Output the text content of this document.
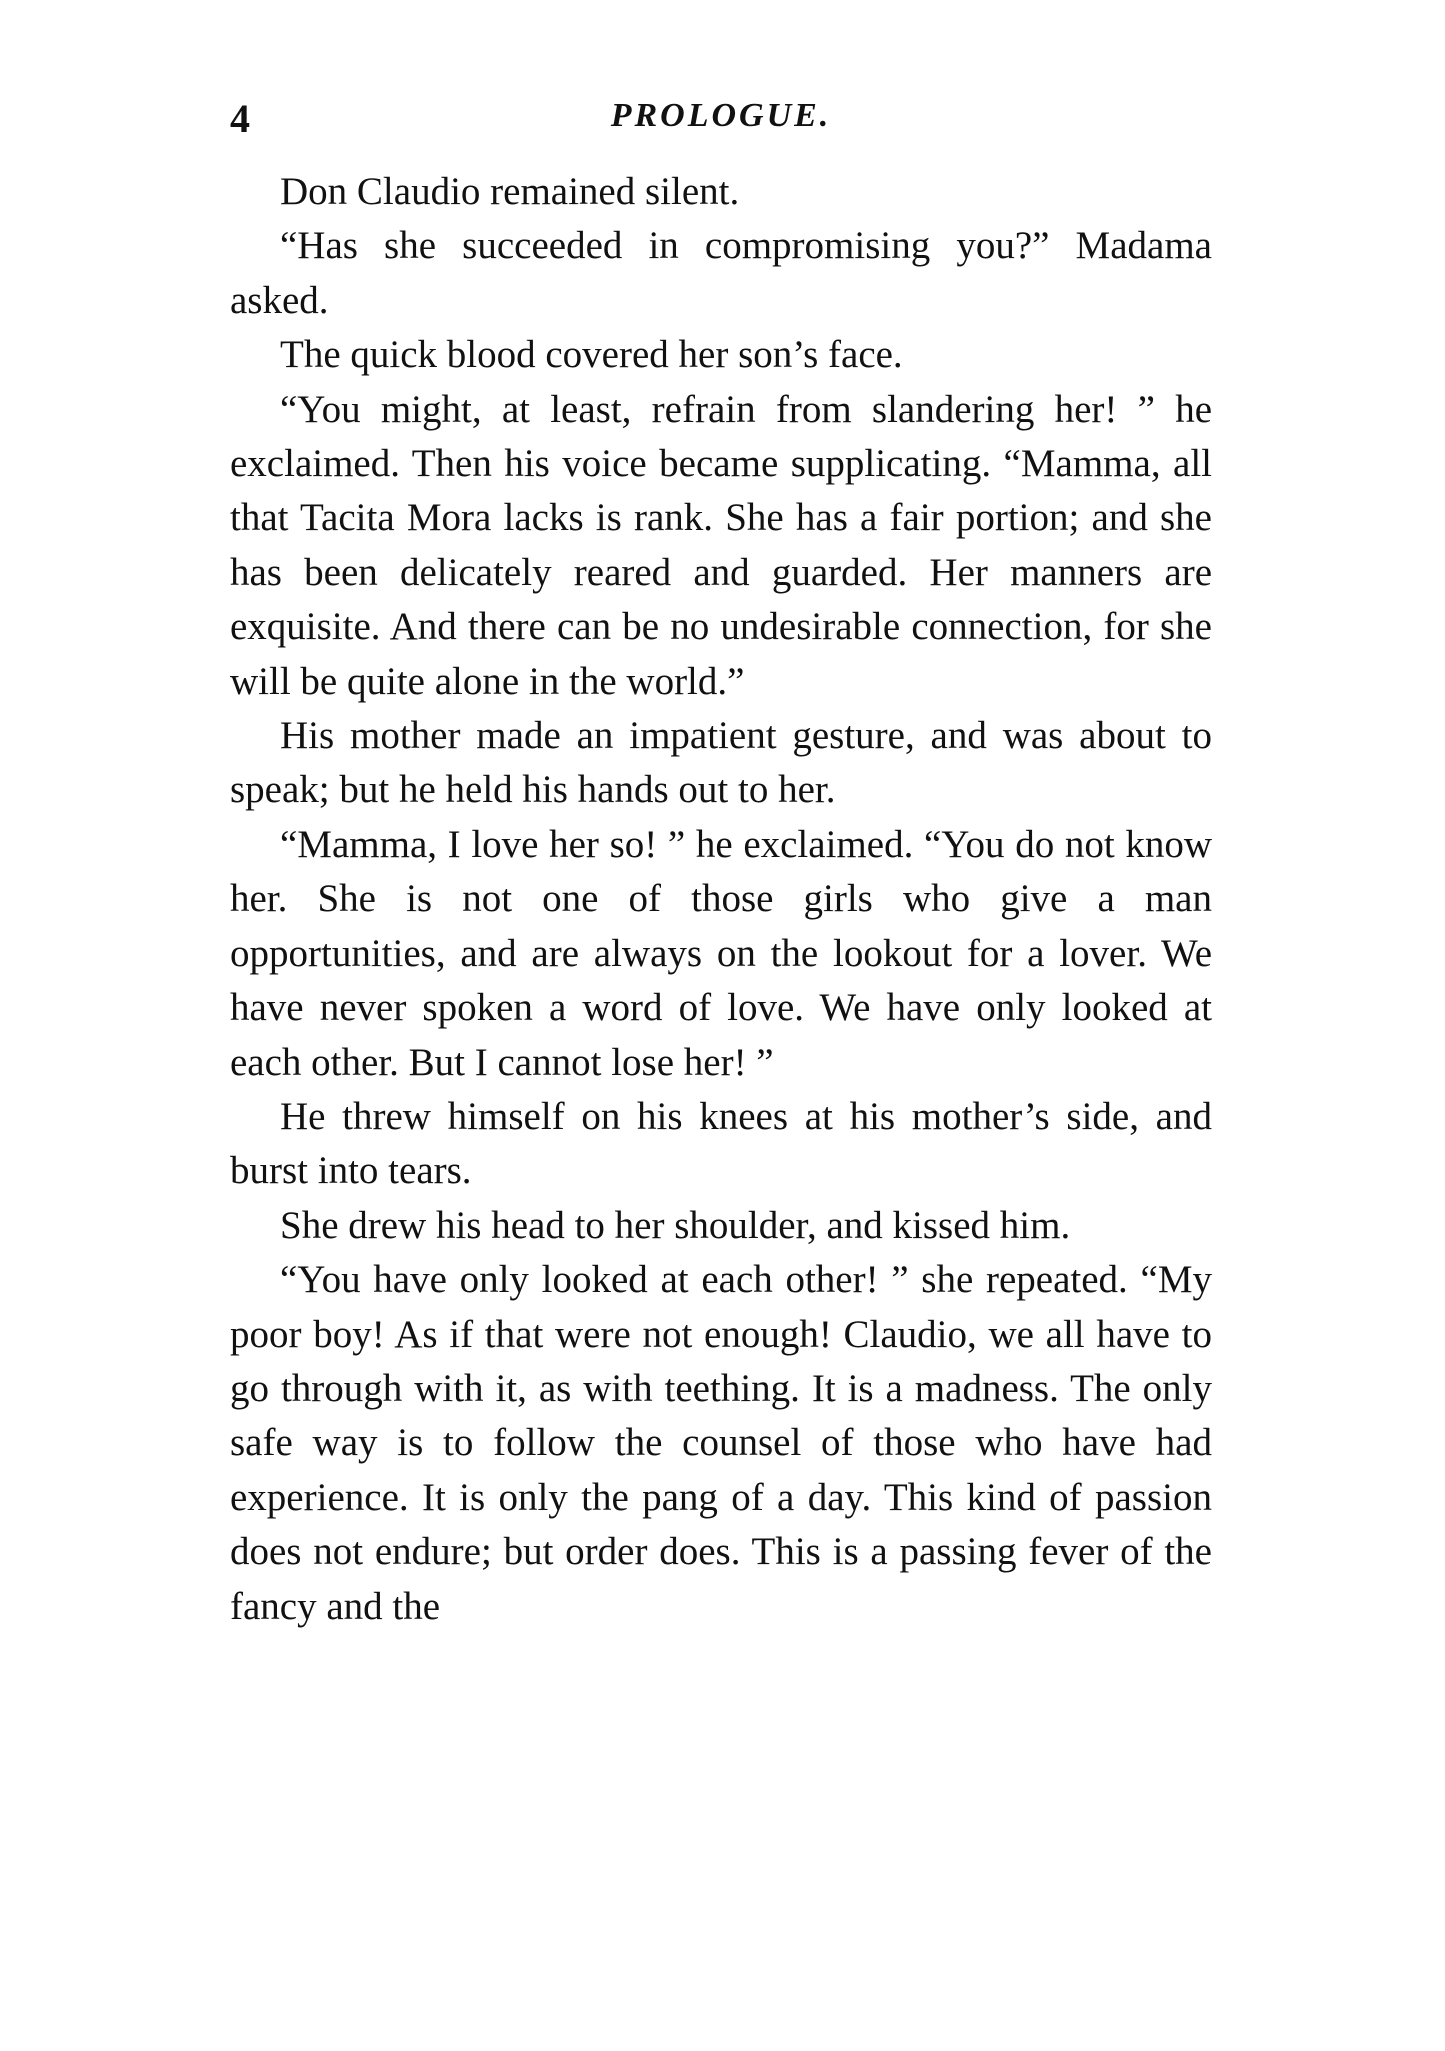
4	PROLOGUE.

Don Claudio remained silent.

“Has she succeeded in compromising you?” Madama asked.

The quick blood covered her son’s face.

“You might, at least, refrain from slandering her! ” he exclaimed. Then his voice became supplicating. “Mamma, all that Tacita Mora lacks is rank. She has a fair portion; and she has been delicately reared and guarded. Her manners are exquisite. And there can be no undesirable connection, for she will be quite alone in the world.”

His mother made an impatient gesture, and was about to speak; but he held his hands out to her.

“Mamma, I love her so! ” he exclaimed. “You do not know her. She is not one of those girls who give a man opportunities, and are always on the lookout for a lover. We have never spoken a word of love. We have only looked at each other. But I cannot lose her! ”

He threw himself on his knees at his mother’s side, and burst into tears.

She drew his head to her shoulder, and kissed him.

“You have only looked at each other! ” she repeated. “My poor boy! As if that were not enough! Claudio, we all have to go through with it, as with teething. It is a madness. The only safe way is to follow the counsel of those who have had experience. It is only the pang of a day. This kind of passion does not endure; but order does. This is a passing fever of the fancy and the
